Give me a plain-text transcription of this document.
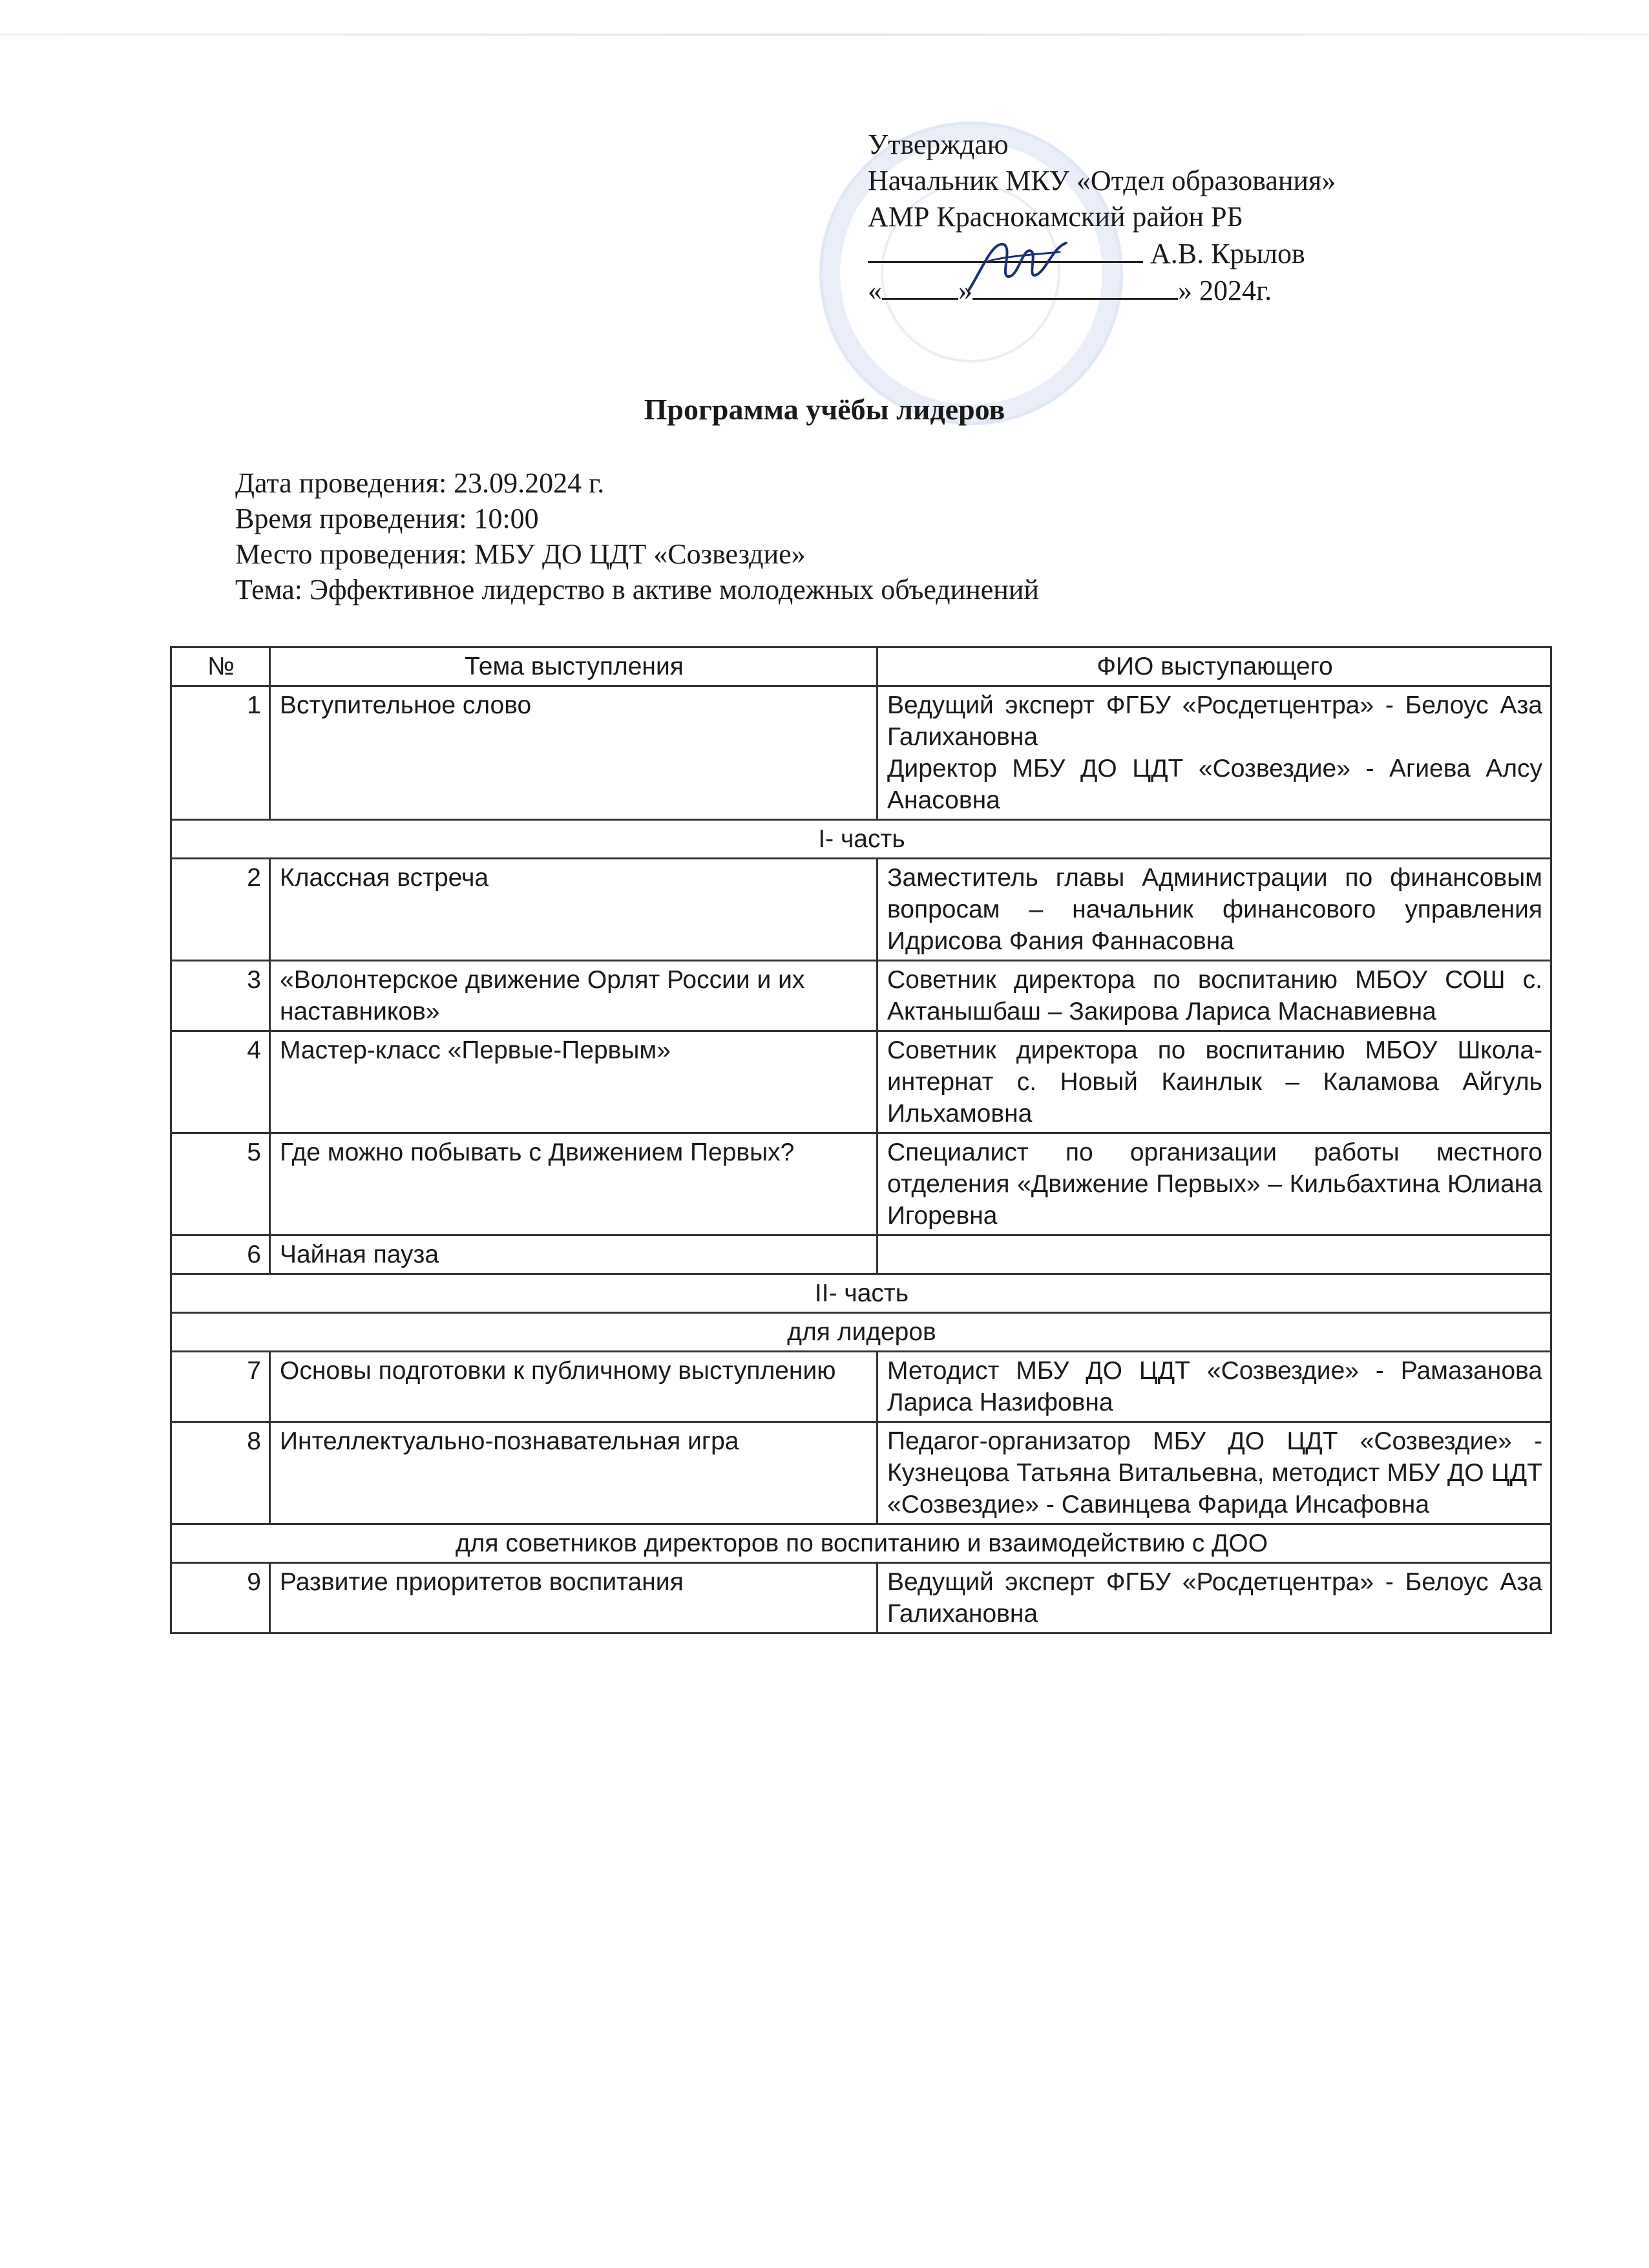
Утверждаю
Начальник МКУ «Отдел образования»
АМР Краснокамский район РБ
А.В. Крылов
«	»	» 2024г.
Программа учёбы лидеров
Дата проведения: 23.09.2024 г.
Время проведения: 10:00
Место проведения: МБУ ДО ЦДТ «Созвездие»
Тема: Эффективное лидерство в активе молодежных объединений
№	Тема выступления	ФИО выступающего
1	Вступительное слово	Ведущий эксперт ФГБУ «Росдетцентра» - Белоус Аза Галихановна
Директор МБУ ДО ЦДТ «Созвездие» - Агиева Алсу Анасовна

I- часть		
2	Классная встреча	Заместитель главы Администрации по финансовым вопросам – начальник финансового управления Идрисова Фания Фаннасовна

3	«Волонтерское движение Орлят России и их наставников»	Советник директора по воспитанию МБОУ СОШ с. Актанышбаш – Закирова Лариса Маснавиевна

4	Мастер-класс «Первые-Первым»	Советник директора по воспитанию МБОУ Школа-интернат с. Новый Каинлык – Каламова Айгуль Ильхамовна

5	Где можно побывать с Движением Первых?	Специалист по организации работы местного отделения «Движение Первых» – Кильбахтина Юлиана Игоревна

6	Чайная пауза	

II- часть		
для лидеров		
7	Основы подготовки к публичному выступлению	Методист МБУ ДО ЦДТ «Созвездие» - Рамазанова Лариса Назифовна

8	Интеллектуально-познавательная игра	Педагог-организатор МБУ ДО ЦДТ «Созвездие» - Кузнецова Татьяна Витальевна, методист МБУ ДО ЦДТ «Созвездие» - Савинцева Фарида Инсафовна

для советников директоров по воспитанию и взаимодействию с ДОО		
9	Развитие приоритетов воспитания	Ведущий эксперт ФГБУ «Росдетцентра» - Белоус Аза Галихановна
